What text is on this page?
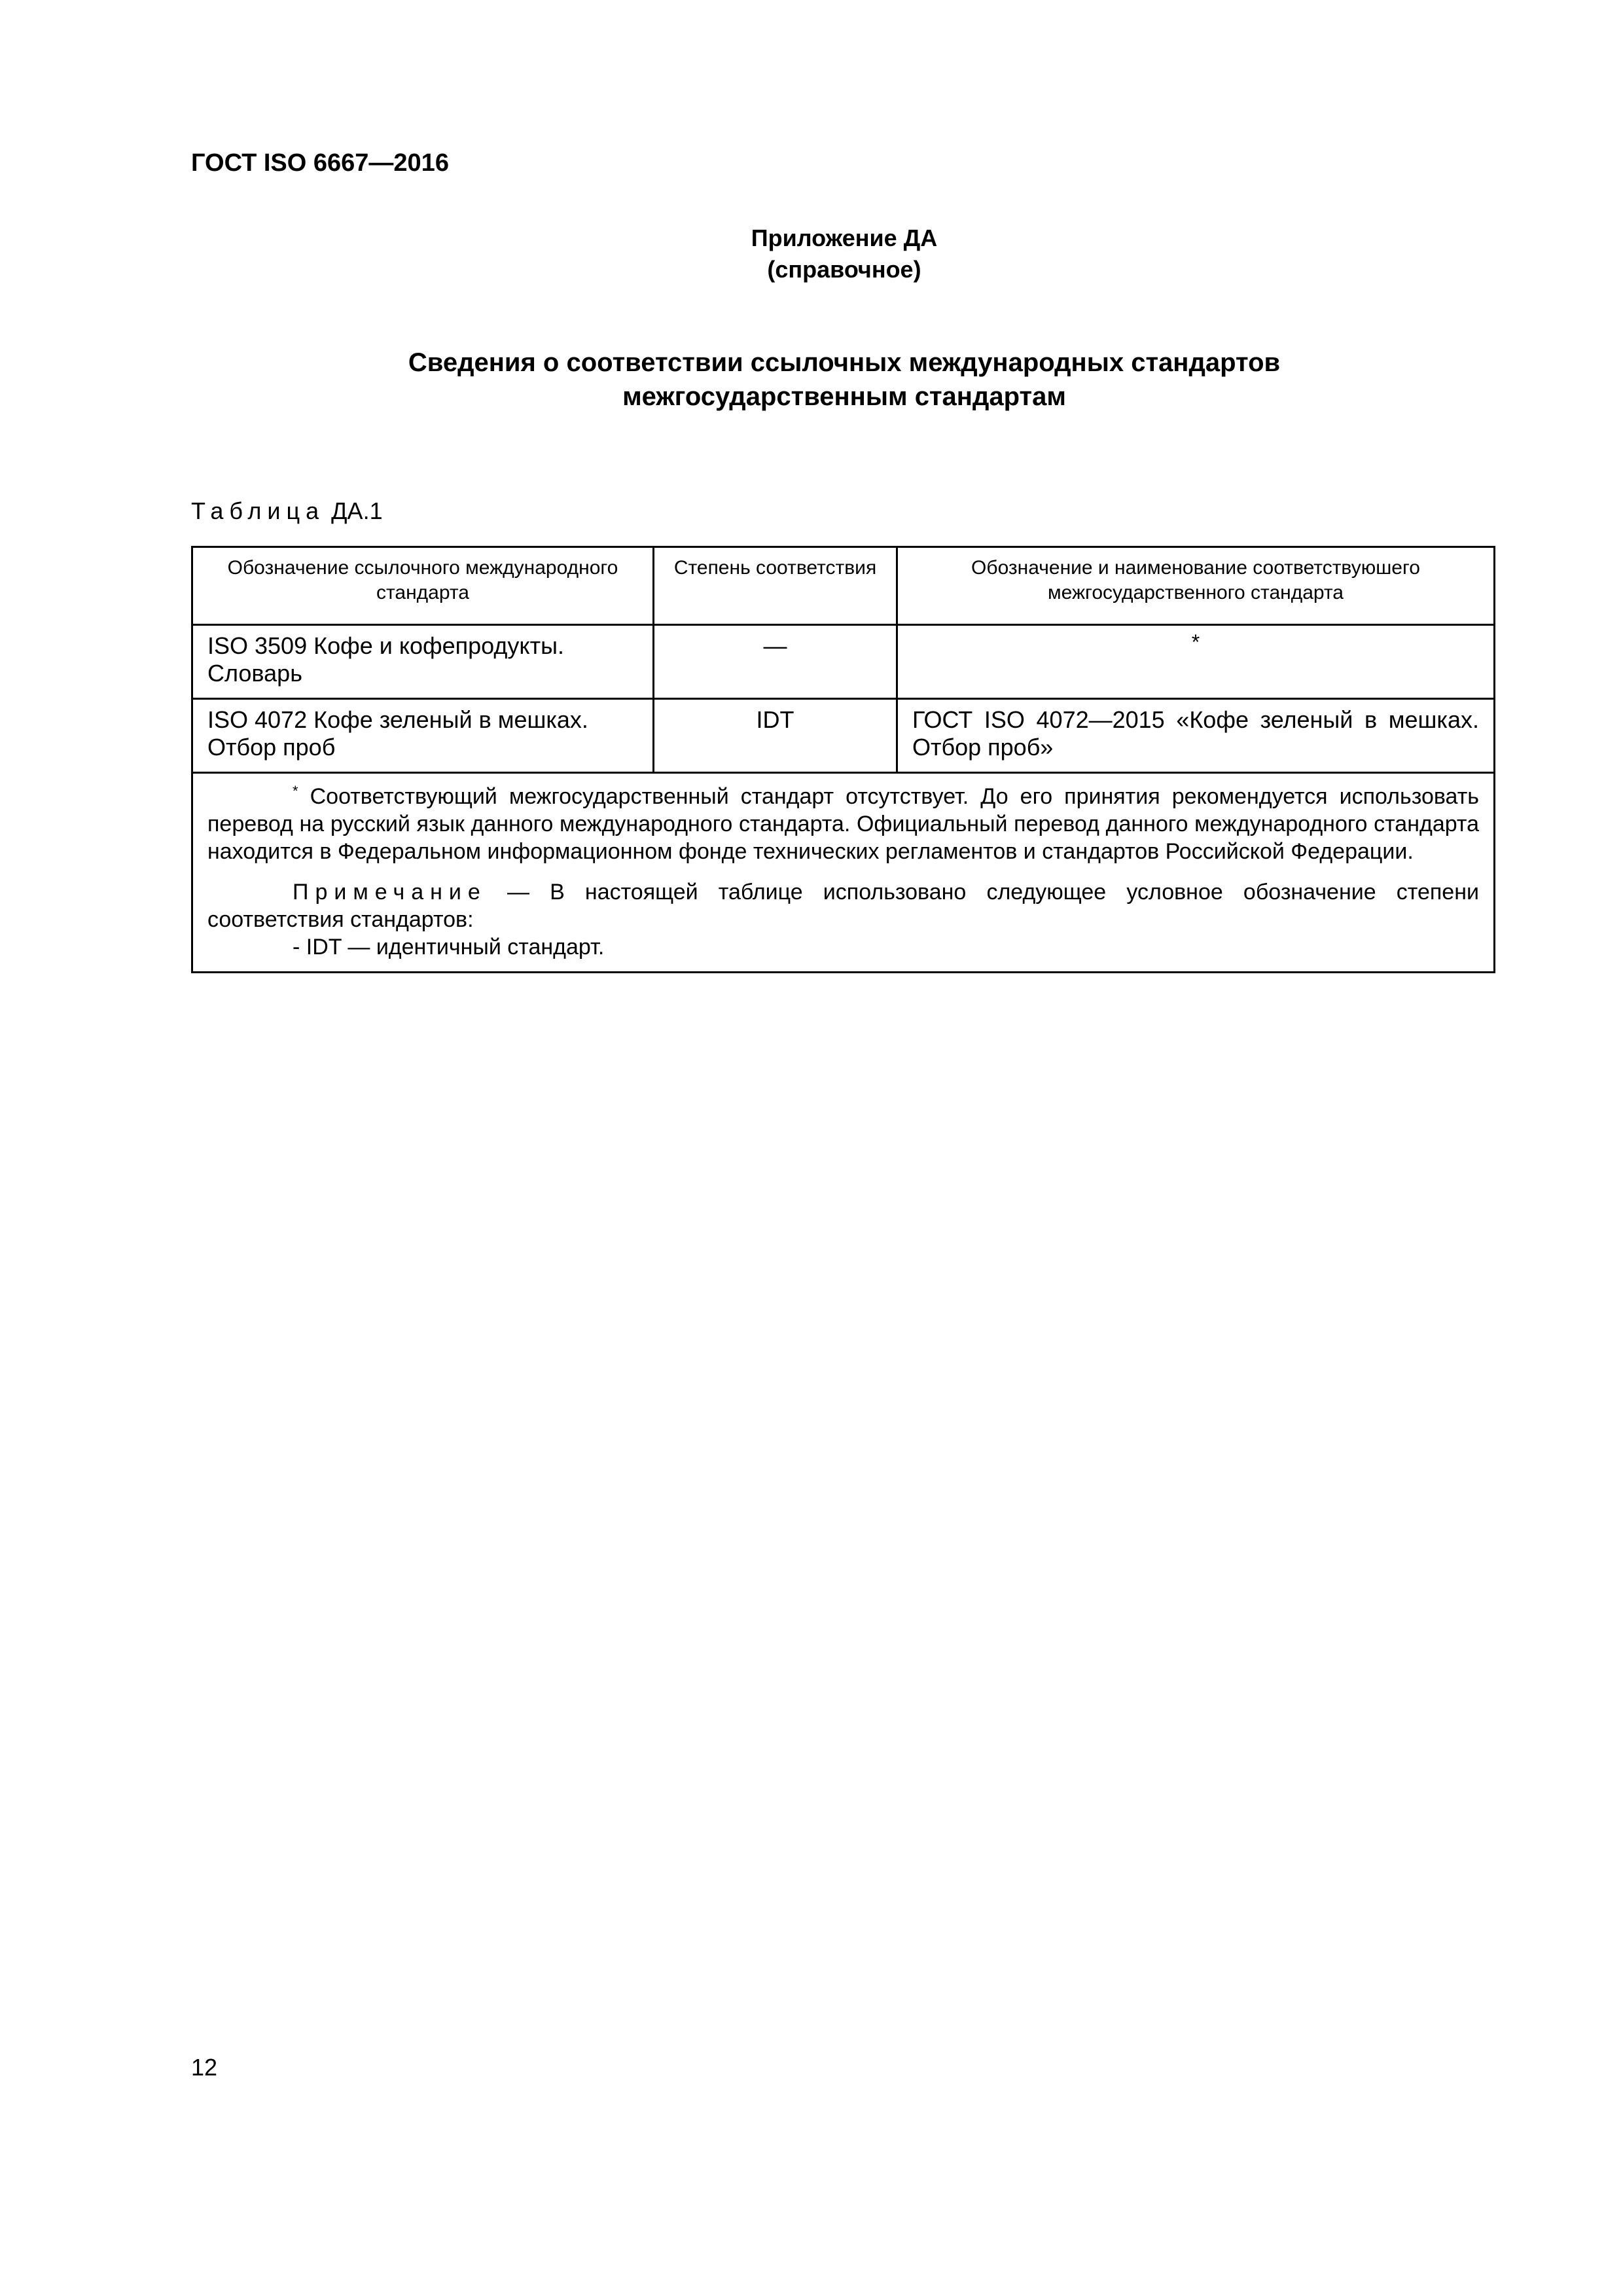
ГОСТ ISO 6667—2016
Приложение ДА
(справочное)
Сведения о соответствии ссылочных международных стандартов
межгосударственным стандартам
Таблица ДА.1
Обозначение ссылочного международного стандарта	Степень соответствия	Обозначение и наименование соответствуюшего межгосударственного стандарта
ISO 3509 Кофе и кофепродукты. Словарь	—	*
ISO 4072 Кофе зеленый в мешках. Отбор проб	IDT	ГОСТ ISO 4072—2015 «Кофе зеленый в мешках. Отбор проб»

* Соответствующий межгосударственный стандарт отсутствует. До его принятия рекомендуется использовать перевод на русский язык данного международного стандарта. Официальный перевод данного международного стандарта находится в Федеральном информационном фонде технических регламентов и стандартов Российской Федерации.

Примечание — В настоящей таблице использовано следующее условное обозначение степени соответствия стандартов:

- IDT — идентичный стандарт.		

12
